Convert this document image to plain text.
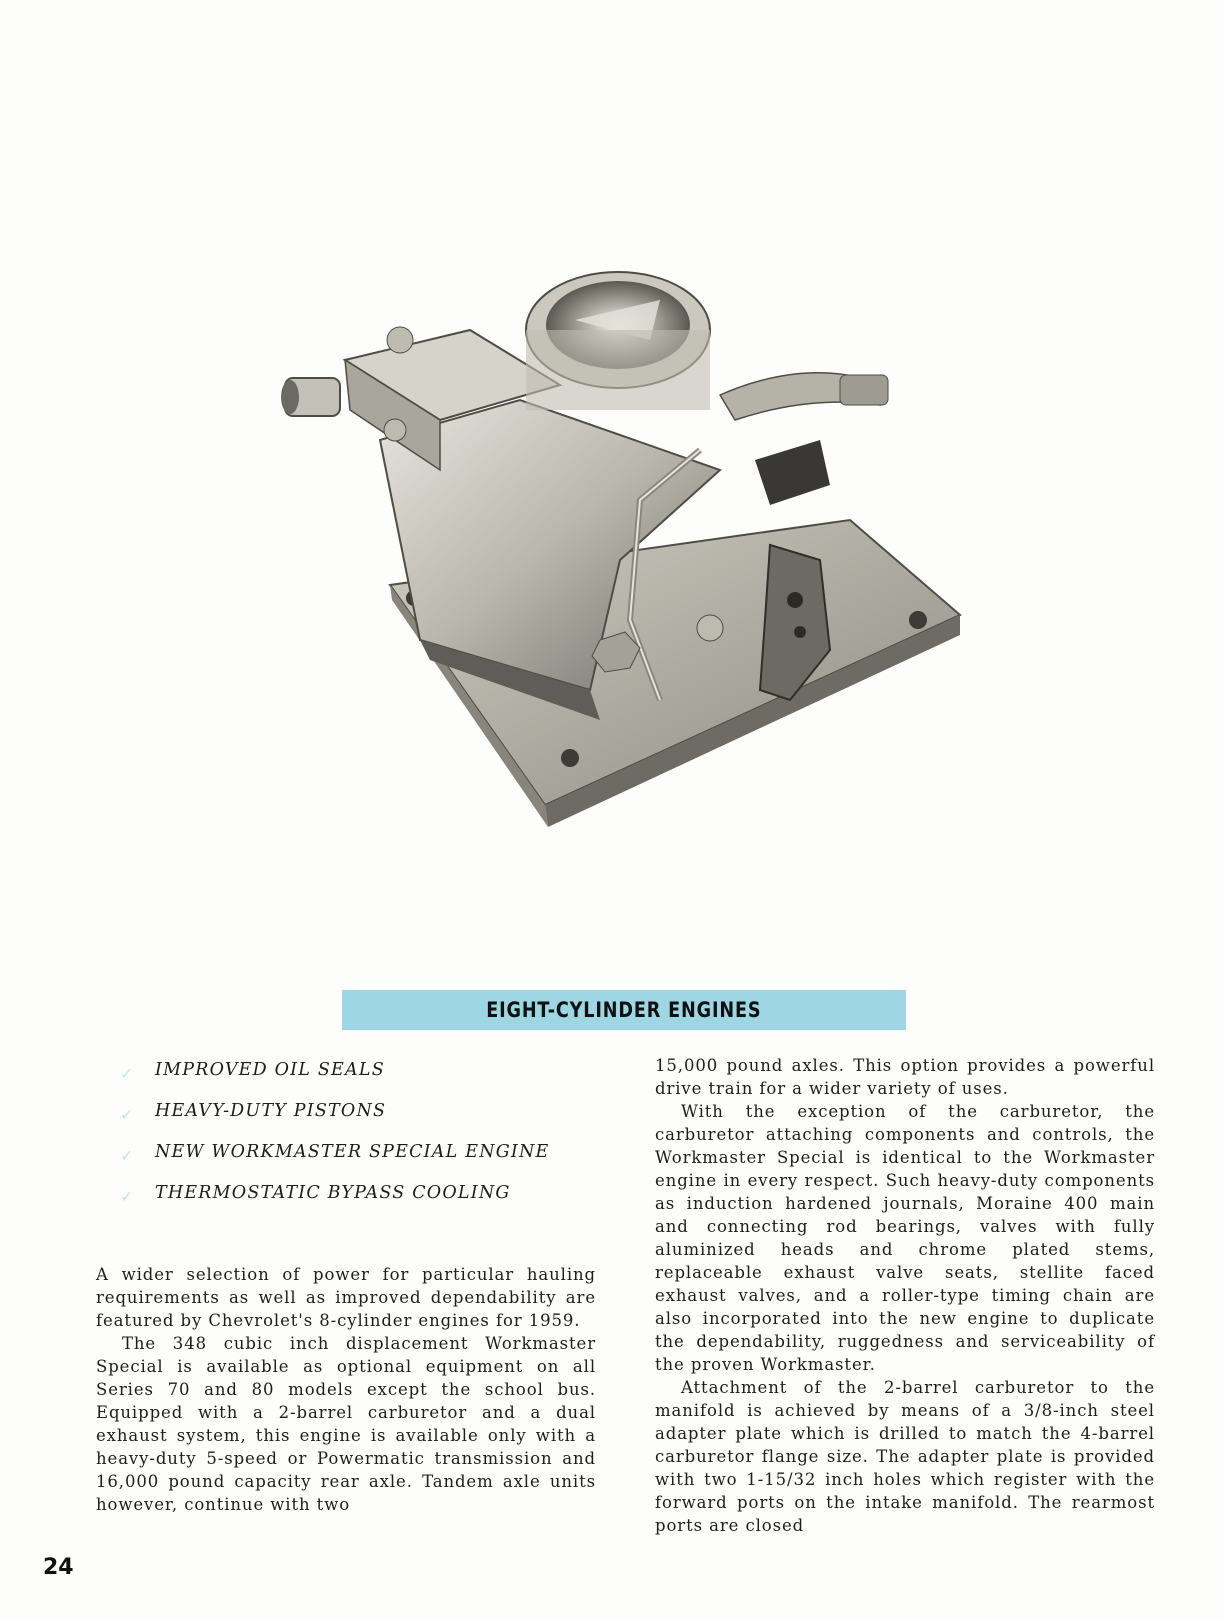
EIGHT-CYLINDER ENGINES
✓ IMPROVED OIL SEALS
✓ HEAVY-DUTY PISTONS
✓ NEW WORKMASTER SPECIAL ENGINE
✓ THERMOSTATIC BYPASS COOLING

A wider selection of power for particular hauling requirements as well as improved dependability are featured by Chevrolet's 8-cylinder engines for 1959.

The 348 cubic inch displacement Workmaster Special is available as optional equipment on all Series 70 and 80 models except the school bus. Equipped with a 2-barrel carburetor and a dual exhaust system, this engine is available only with a heavy-duty 5-speed or Powermatic transmission and 16,000 pound capacity rear axle. Tandem axle units however, continue with two

15,000 pound axles. This option provides a powerful drive train for a wider variety of uses.

With the exception of the carburetor, the carburetor attaching components and controls, the Workmaster Special is identical to the Workmaster engine in every respect. Such heavy-duty components as induction hardened journals, Moraine 400 main and connecting rod bearings, valves with fully aluminized heads and chrome plated stems, replaceable exhaust valve seats, stellite faced exhaust valves, and a roller-type timing chain are also incorporated into the new engine to duplicate the dependability, ruggedness and serviceability of the proven Workmaster.

Attachment of the 2-barrel carburetor to the manifold is achieved by means of a 3/8-inch steel adapter plate which is drilled to match the 4-barrel carburetor flange size. The adapter plate is provided with two 1-15/32 inch holes which register with the forward ports on the intake manifold. The rearmost ports are closed

24
